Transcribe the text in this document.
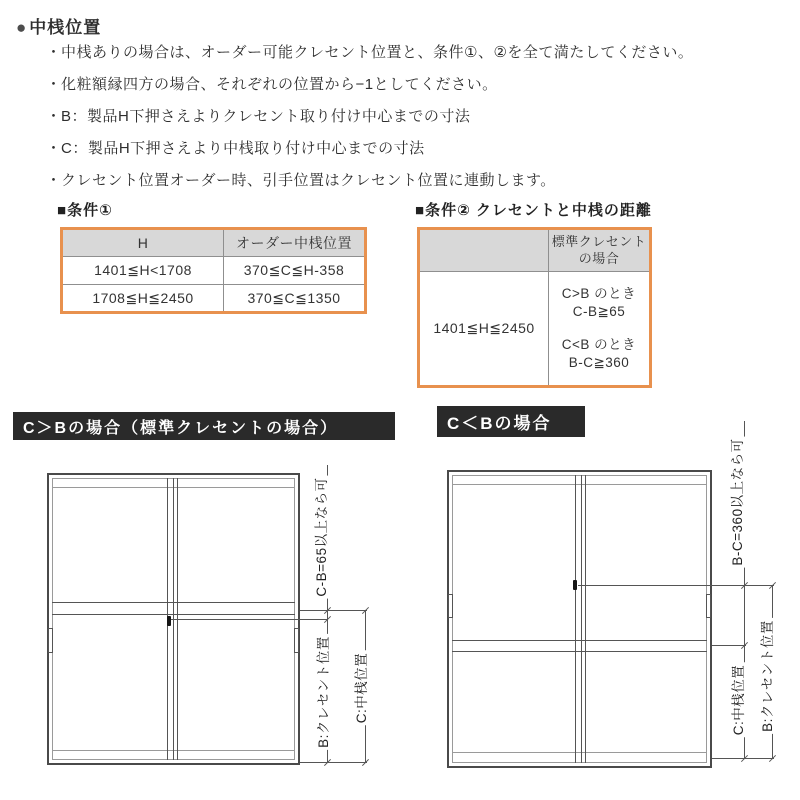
● 中桟位置
・ 中桟ありの場合は、オーダー可能クレセント位置と、条件①、②を全て満たしてください。
・ 化粧額縁四方の場合、それぞれの位置から−1としてください。
・ B：製品H下押さえよりクレセント取り付け中心までの寸法
・ C：製品H下押さえより中桟取り付け中心までの寸法
・ クレセント位置オーダー時、引手位置はクレセント位置に連動します。
■条件①
H	オーダー中桟位置
1401≦H<1708	370≦C≦H-358
1708≦H≦2450	370≦C≦1350
■条件② クレセントと中桟の距離
	標準クレセントの場合
1401≦H≦2450	C>B のとき
C-B≧65
C<B のとき
B-C≧360
C＞Bの場合（標準クレセントの場合）	C＜Bの場合
C-B=65以上なら可
B:クレセント位置 C:中桟位置
B-C=360以上なら可
C:中桟位置 B:クレセント位置
